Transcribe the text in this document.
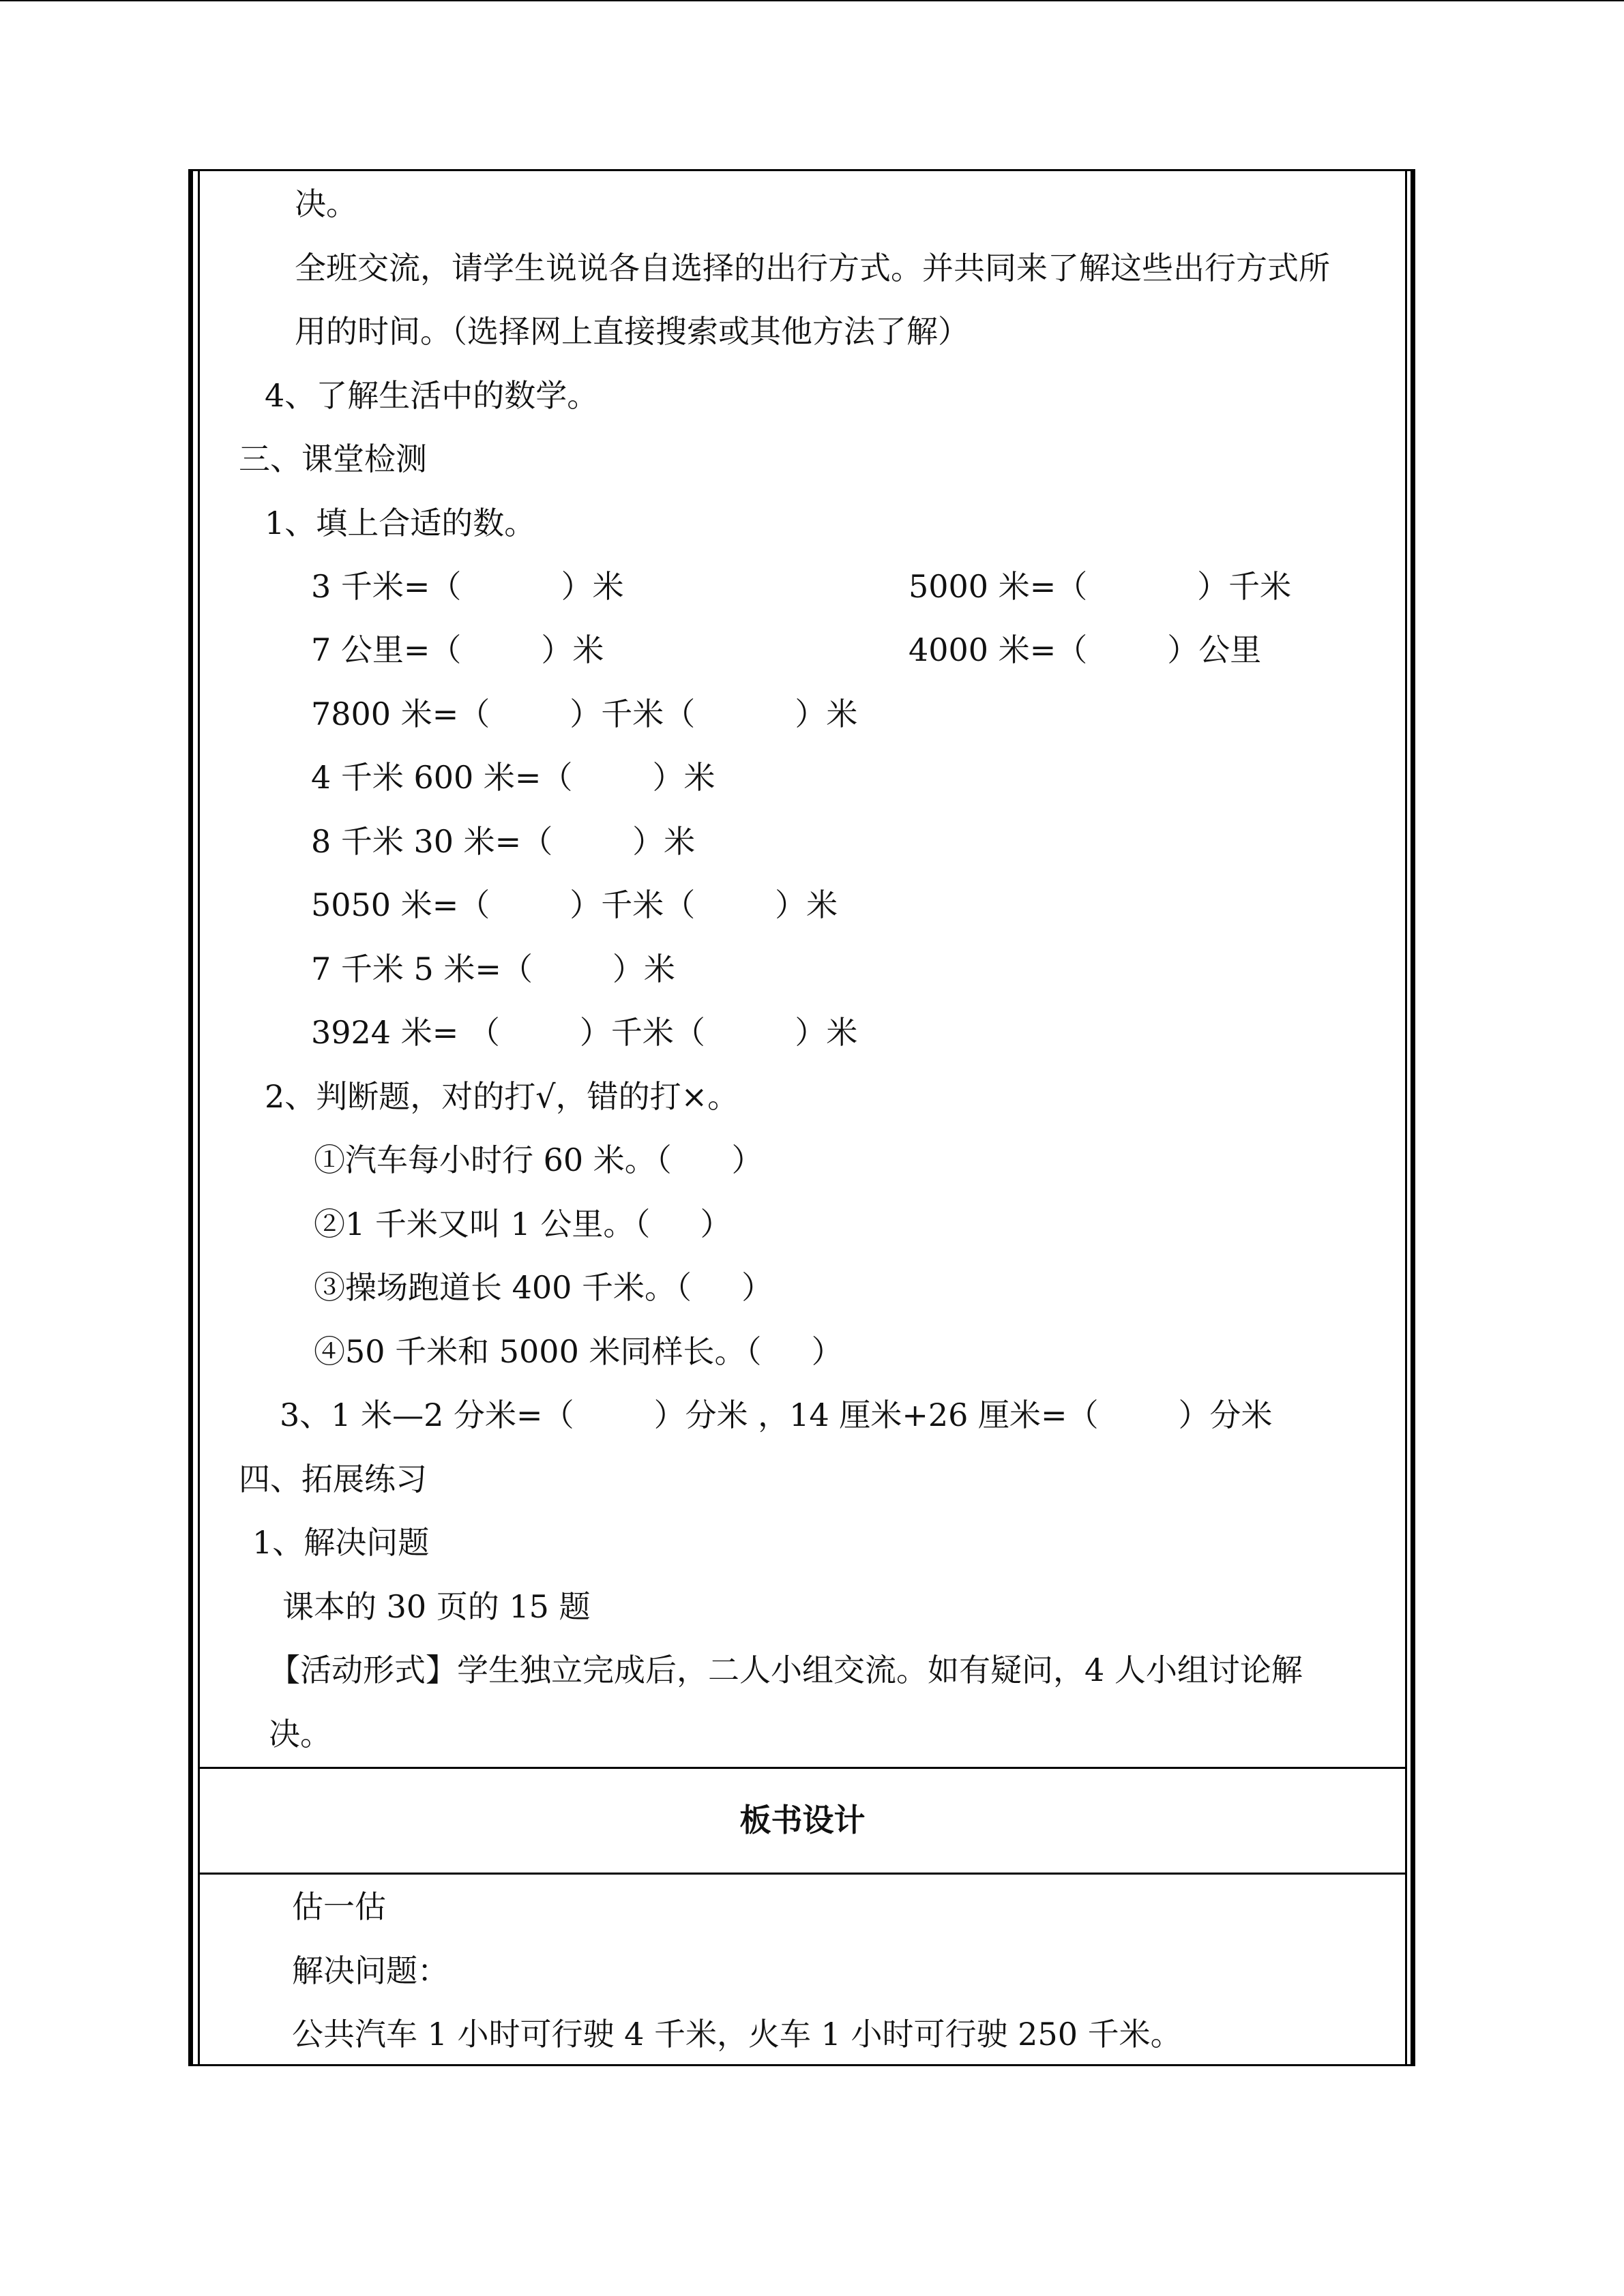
决。
全班交流，请学生说说各自选择的出行方式。并共同来了解这些出行方式所
用的时间。（选择网上直接搜索或其他方法了解）
4、了解生活中的数学。
三、课堂检测
1、填上合适的数。
3 千米=（          ）米	5000 米=（           ）千米
7 公里=（        ）米	4000 米=（        ）公里
7800 米=（        ）千米（          ）米
4 千米 600 米=（        ）米
8 千米 30 米=（        ）米
5050 米=（        ）千米（        ）米
7 千米 5 米=（        ）米
3924 米= （        ）千米（         ）米
2、判断题，对的打√，错的打×。
①汽车每小时行 60 米。（      ）
②1 千米又叫 1 公里。（     ）
③操场跑道长 400 千米。（     ）
④50 千米和 5000 米同样长。（     ）
3、1 米—2 分米=（        ）分米 ，14 厘米+26 厘米=（        ）分米
四、拓展练习
1、解决问题
课本的 30 页的 15 题
【活动形式】学生独立完成后，二人小组交流。如有疑问，4 人小组讨论解
决。
板书设计
估一估
解决问题：
公共汽车 1 小时可行驶 4 千米，火车 1 小时可行驶 250 千米。
